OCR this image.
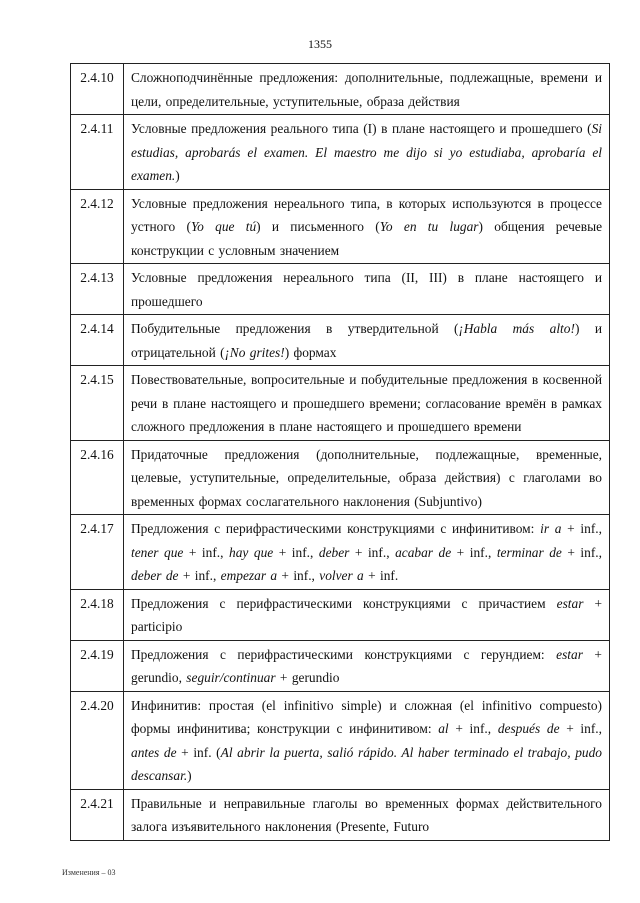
1355
2.4.10	Сложноподчинённые предложения: дополнительные, подлежащные, времени и цели, определительные, уступительные, образа действия
2.4.11	Условные предложения реального типа (I) в плане настоящего и прошедшего (Si estudias, aprobarás el examen. El maestro me dijo si yo estudiaba, aprobaría el examen.)
2.4.12	Условные предложения нереального типа, в которых используются в процессе устного (Yo que tú) и письменного (Yo en tu lugar) общения речевые конструкции с условным значением
2.4.13	Условные предложения нереального типа (II, III) в плане настоящего и прошедшего
2.4.14	Побудительные предложения в утвердительной (¡Habla más alto!) и отрицательной (¡No grites!) формах
2.4.15	Повествовательные, вопросительные и побудительные предложения в косвенной речи в плане настоящего и прошедшего времени; согласование времён в рамках сложного предложения в плане настоящего и прошедшего времени
2.4.16	Придаточные предложения (дополнительные, подлежащные, временные, целевые, уступительные, определительные, образа действия) с глаголами во временных формах сослагательного наклонения (Subjuntivo)
2.4.17	Предложения с перифрастическими конструкциями с инфинитивом: ir a + inf., tener que + inf., hay que + inf., deber + inf., acabar de + inf., terminar de + inf., deber de + inf., empezar a + inf., volver a + inf.
2.4.18	Предложения с перифрастическими конструкциями с причастием estar + participio
2.4.19	Предложения с перифрастическими конструкциями с герундием: estar + gerundio, seguir/continuar + gerundio
2.4.20	Инфинитив: простая (el infinitivo simple) и сложная (el infinitivo compuesto) формы инфинитива; конструкции с инфинитивом: al + inf., después de + inf., antes de + inf. (Al abrir la puerta, salió rápido. Al haber terminado el trabajo, pudo descansar.)
2.4.21	Правильные и неправильные глаголы во временных формах действительного залога изъявительного наклонения (Presente, Futuro
Изменения – 03
